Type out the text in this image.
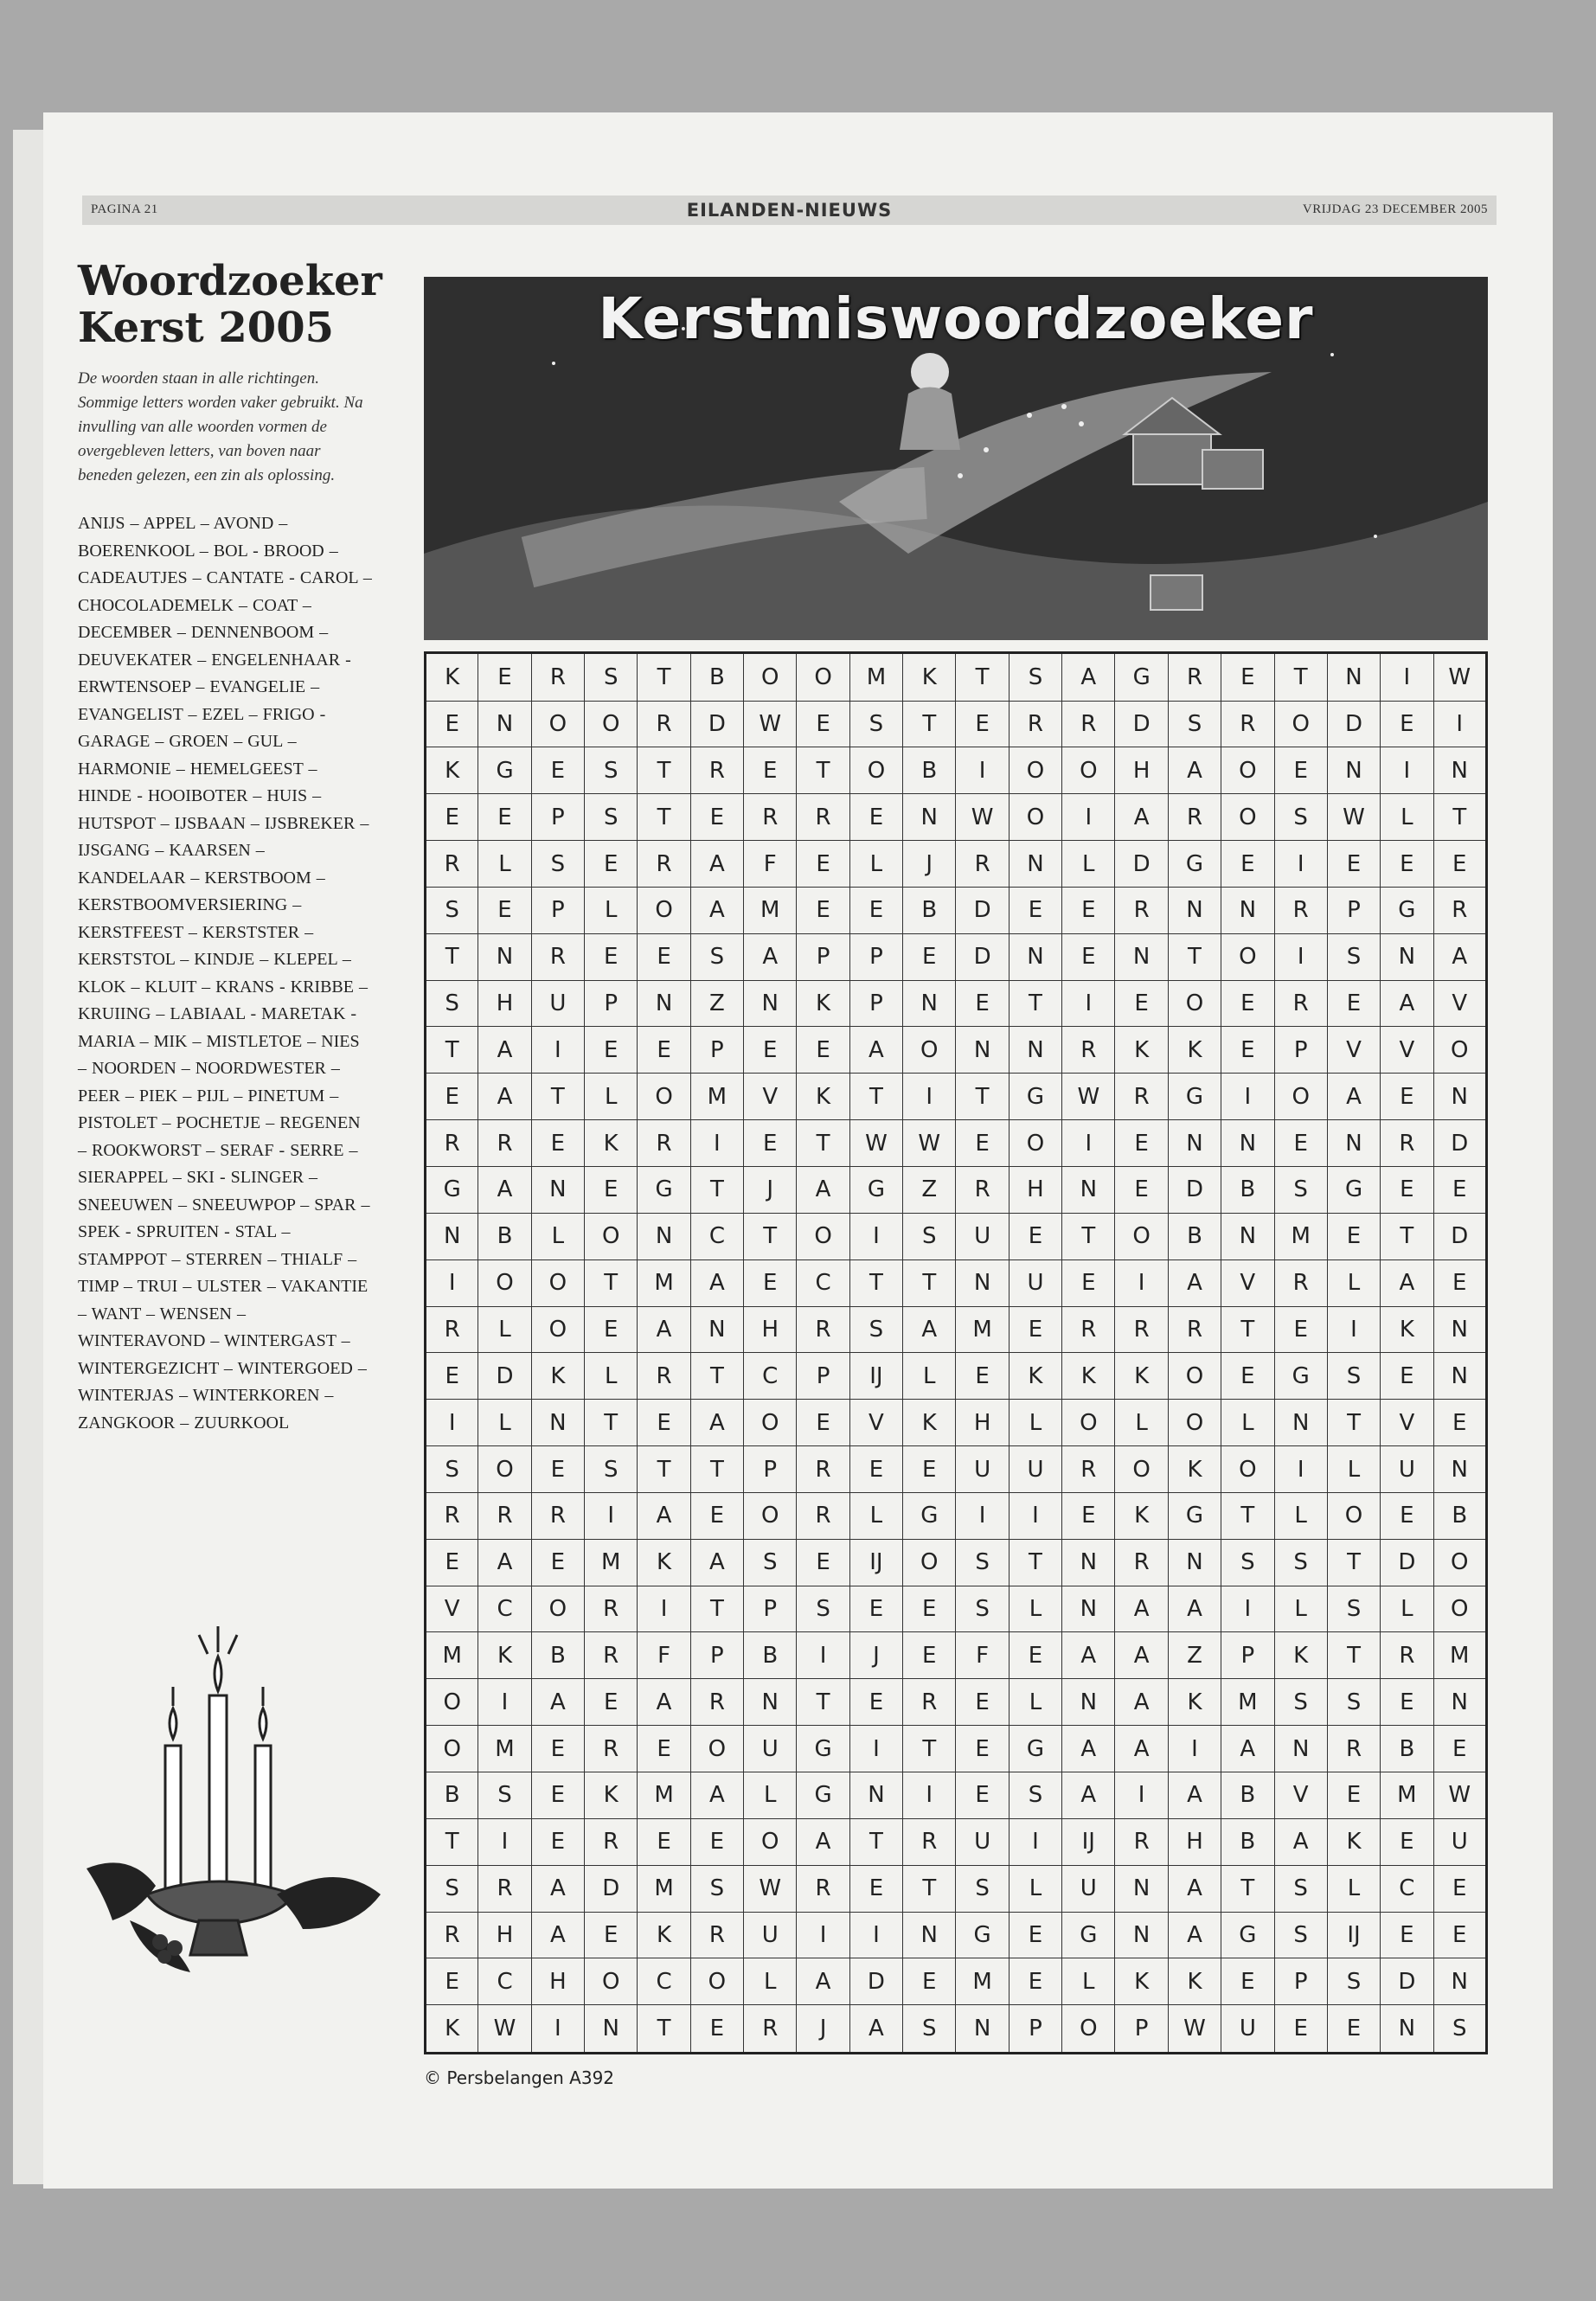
PAGINA 21	EILANDEN-NIEUWS	VRIJDAG 23 DECEMBER 2005
Woordzoeker
Kerst 2005
De woorden staan in alle richtingen. Sommige letters worden vaker gebruikt. Na invulling van alle woorden vormen de overgebleven letters, van boven naar beneden gelezen, een zin als oplossing.
ANIJS – APPEL – AVOND – BOERENKOOL – BOL - BROOD – CADEAUTJES – CANTATE - CAROL – CHOCOLADEMELK – COAT – DECEMBER – DENNENBOOM – DEUVEKATER – ENGELENHAAR - ERWTENSOEP – EVANGELIE – EVANGELIST – EZEL – FRIGO - GARAGE – GROEN – GUL – HARMONIE – HEMELGEEST – HINDE - HOOIBOTER – HUIS – HUTSPOT – IJSBAAN – IJSBREKER – IJSGANG – KAARSEN – KANDELAAR – KERSTBOOM – KERSTBOOMVERSIERING – KERSTFEEST – KERSTSTER – KERSTSTOL – KINDJE – KLEPEL – KLOK – KLUIT – KRANS - KRIBBE – KRUIING – LABIAAL - MARETAK - MARIA – MIK – MISTLETOE – NIES – NOORDEN – NOORDWESTER – PEER – PIEK – PIJL – PINETUM – PISTOLET – POCHETJE – REGENEN – ROOKWORST – SERAF - SERRE – SIERAPPEL – SKI - SLINGER – SNEEUWEN – SNEEUWPOP – SPAR – SPEK - SPRUITEN - STAL – STAMPPOT – STERREN – THIALF – TIMP – TRUI – ULSTER – VAKANTIE – WANT – WENSEN – WINTERAVOND – WINTERGAST – WINTERGEZICHT – WINTERGOED – WINTERJAS – WINTERKOREN – ZANGKOOR – ZUURKOOL
Kerstmiswoordzoeker
K	E	R	S	T	B	O	O	M	K	T	S	A	G	R	E	T	N	I	W
E	N	O	O	R	D	W	E	S	T	E	R	R	D	S	R	O	D	E	I
K	G	E	S	T	R	E	T	O	B	I	O	O	H	A	O	E	N	I	N
E	E	P	S	T	E	R	R	E	N	W	O	I	A	R	O	S	W	L	T
R	L	S	E	R	A	F	E	L	J	R	N	L	D	G	E	I	E	E	E
S	E	P	L	O	A	M	E	E	B	D	E	E	R	N	N	R	P	G	R
T	N	R	E	E	S	A	P	P	E	D	N	E	N	T	O	I	S	N	A
S	H	U	P	N	Z	N	K	P	N	E	T	I	E	O	E	R	E	A	V
T	A	I	E	E	P	E	E	A	O	N	N	R	K	K	E	P	V	V	O
E	A	T	L	O	M	V	K	T	I	T	G	W	R	G	I	O	A	E	N
R	R	E	K	R	I	E	T	W	W	E	O	I	E	N	N	E	N	R	D
G	A	N	E	G	T	J	A	G	Z	R	H	N	E	D	B	S	G	E	E
N	B	L	O	N	C	T	O	I	S	U	E	T	O	B	N	M	E	T	D
I	O	O	T	M	A	E	C	T	T	N	U	E	I	A	V	R	L	A	E
R	L	O	E	A	N	H	R	S	A	M	E	R	R	R	T	E	I	K	N
E	D	K	L	R	T	C	P	IJ	L	E	K	K	K	O	E	G	S	E	N
I	L	N	T	E	A	O	E	V	K	H	L	O	L	O	L	N	T	V	E
S	O	E	S	T	T	P	R	E	E	U	U	R	O	K	O	I	L	U	N
R	R	R	I	A	E	O	R	L	G	I	I	E	K	G	T	L	O	E	B
E	A	E	M	K	A	S	E	IJ	O	S	T	N	R	N	S	S	T	D	O
V	C	O	R	I	T	P	S	E	E	S	L	N	A	A	I	L	S	L	O
M	K	B	R	F	P	B	I	J	E	F	E	A	A	Z	P	K	T	R	M
O	I	A	E	A	R	N	T	E	R	E	L	N	A	K	M	S	S	E	N
O	M	E	R	E	O	U	G	I	T	E	G	A	A	I	A	N	R	B	E
B	S	E	K	M	A	L	G	N	I	E	S	A	I	A	B	V	E	M	W
T	I	E	R	E	E	O	A	T	R	U	I	IJ	R	H	B	A	K	E	U
S	R	A	D	M	S	W	R	E	T	S	L	U	N	A	T	S	L	C	E
R	H	A	E	K	R	U	I	I	N	G	E	G	N	A	G	S	IJ	E	E
E	C	H	O	C	O	L	A	D	E	M	E	L	K	K	E	P	S	D	N
K	W	I	N	T	E	R	J	A	S	N	P	O	P	W	U	E	E	N	S
© Persbelangen A392
